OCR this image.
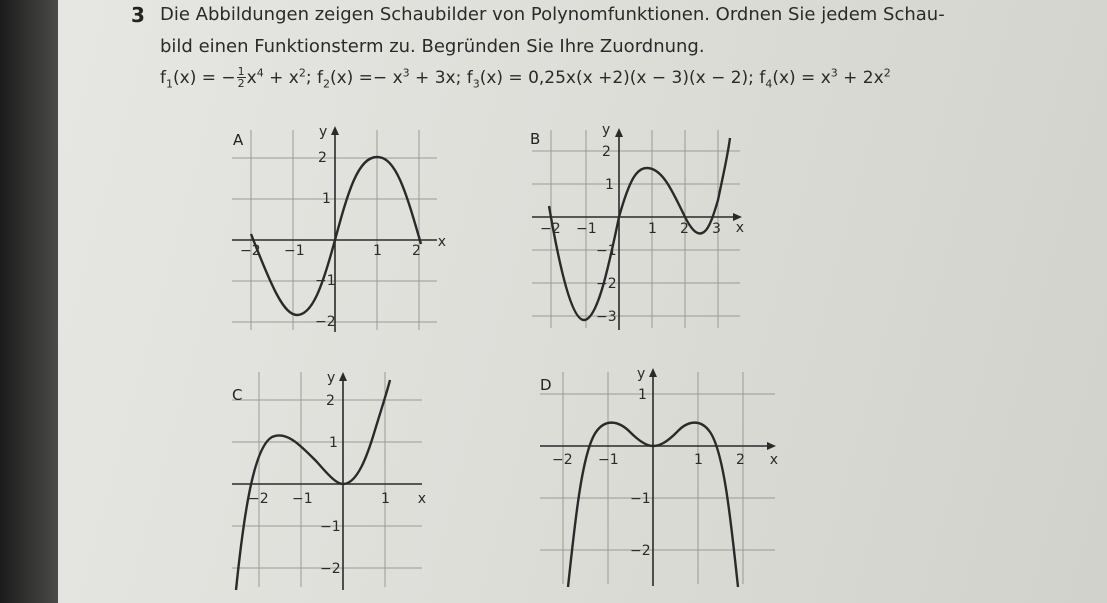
3 Die Abbildungen zeigen Schaubilder von Polynomfunktionen. Ordnen Sie jedem Schau-
bild einen Funktionsterm zu. Begründen Sie Ihre Zuordnung.
$f_1(x)$ = − $\frac{1}{2} x^4 + x^2$; $f_2(x) =- x^3 + 3x$; $f_3(x) = 0,25x(x +2)(x - 3)(x - 2)$; $f_4(x) = x^3 + 2x^2$
A	y
x
−2 −1	1 2
2
1
−1
−2
B	y
x
−2 −1	1 2 3
2
1
−1
−2
−3
C
y
x
−2 −1	1
2
1
−1
−2
D
y
x
−2 −1	1 2
1
−1
−2
